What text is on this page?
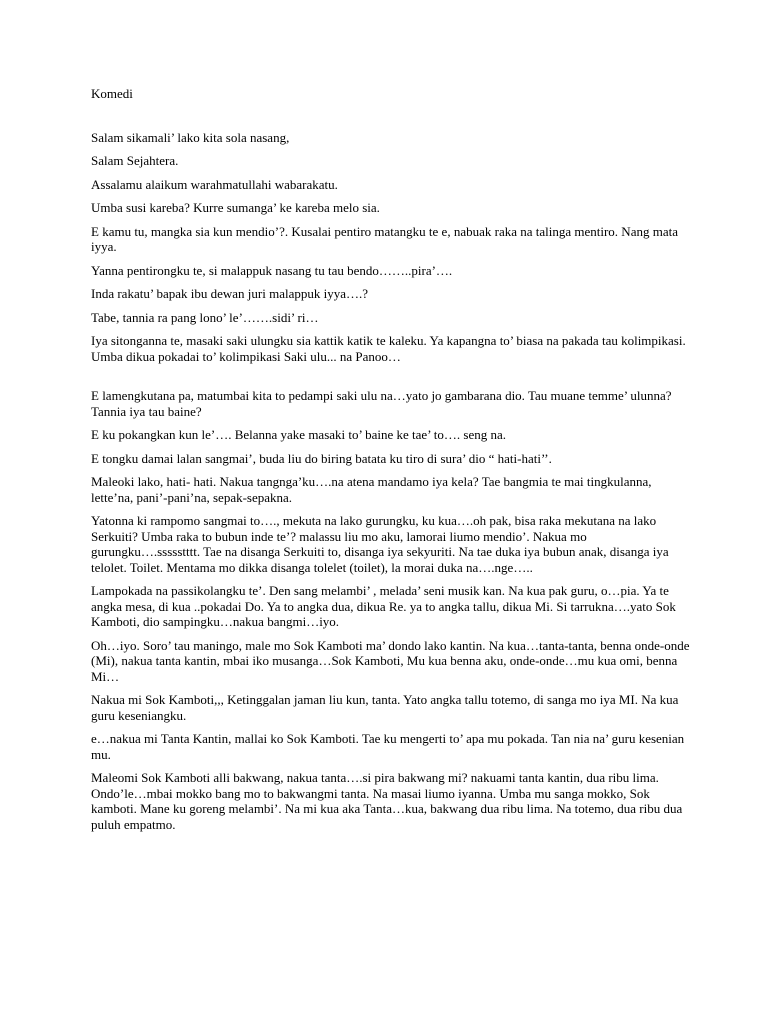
Komedi

Salam sikamali’ lako kita sola nasang,

Salam Sejahtera.

Assalamu alaikum warahmatullahi wabarakatu.

Umba susi kareba? Kurre sumanga’ ke kareba melo sia.

E kamu tu, mangka sia kun mendio’?. Kusalai pentiro matangku te e, nabuak raka na talinga mentiro. Nang mata iyya.

Yanna pentirongku te, si malappuk nasang tu tau bendo……..pira’….

Inda rakatu’ bapak ibu dewan juri malappuk iyya….?

Tabe, tannia ra pang lono’ le’…….sidi’ ri…

Iya sitonganna te, masaki saki ulungku sia kattik katik te kaleku. Ya kapangna to’ biasa na pakada tau kolimpikasi. Umba dikua pokadai to’ kolimpikasi Saki ulu... na Panoo…

E lamengkutana pa, matumbai kita to pedampi saki ulu na…yato jo gambarana dio. Tau muane temme’ ulunna? Tannia iya tau baine?

E ku pokangkan kun le’…. Belanna yake masaki to’ baine ke tae’ to…. seng na.

E tongku damai lalan sangmai’, buda liu do biring batata ku tiro di sura’ dio “ hati-hati’’.

Maleoki lako, hati- hati. Nakua tangnga’ku….na atena mandamo iya kela? Tae bangmia te mai tingkulanna, lette’na, pani’-pani’na, sepak-sepakna.

Yatonna ki rampomo sangmai to…., mekuta na lako gurungku, ku kua….oh pak, bisa raka mekutana na lako Serkuiti? Umba raka to bubun inde te’? malassu liu mo aku, lamorai liumo mendio’. Nakua mo gurungku….ssssstttt. Tae na disanga Serkuiti to, disanga iya sekyuriti. Na tae duka iya bubun anak, disanga iya telolet. Toilet. Mentama mo dikka disanga tolelet (toilet), la morai duka na….nge…..

Lampokada na passikolangku te’. Den sang melambi’ , melada’ seni musik kan. Na kua pak guru, o…pia. Ya te angka mesa, di kua ..pokadai Do. Ya to angka dua, dikua Re. ya to angka tallu, dikua Mi. Si tarrukna….yato Sok Kamboti, dio sampingku…nakua bangmi…iyo.

Oh…iyo. Soro’ tau maningo, male mo Sok Kamboti ma’ dondo lako kantin. Na kua…tanta-tanta, benna onde-onde (Mi), nakua tanta kantin, mbai iko musanga…Sok Kamboti, Mu kua benna aku, onde-onde…mu kua omi, benna Mi…

Nakua mi Sok Kamboti,,, Ketinggalan jaman liu kun, tanta. Yato angka tallu totemo, di sanga mo iya MI. Na kua guru keseniangku.

e…nakua mi Tanta Kantin, mallai ko Sok Kamboti. Tae ku mengerti to’ apa mu pokada. Tan nia na’ guru kesenian mu.

Maleomi Sok Kamboti alli bakwang, nakua tanta….si pira bakwang mi? nakuami tanta kantin, dua ribu lima. Ondo’le…mbai mokko bang mo to bakwangmi tanta. Na masai liumo iyanna. Umba mu sanga mokko, Sok kamboti. Mane ku goreng melambi’. Na mi kua aka Tanta…kua, bakwang dua ribu lima. Na totemo, dua ribu dua puluh empatmo.
